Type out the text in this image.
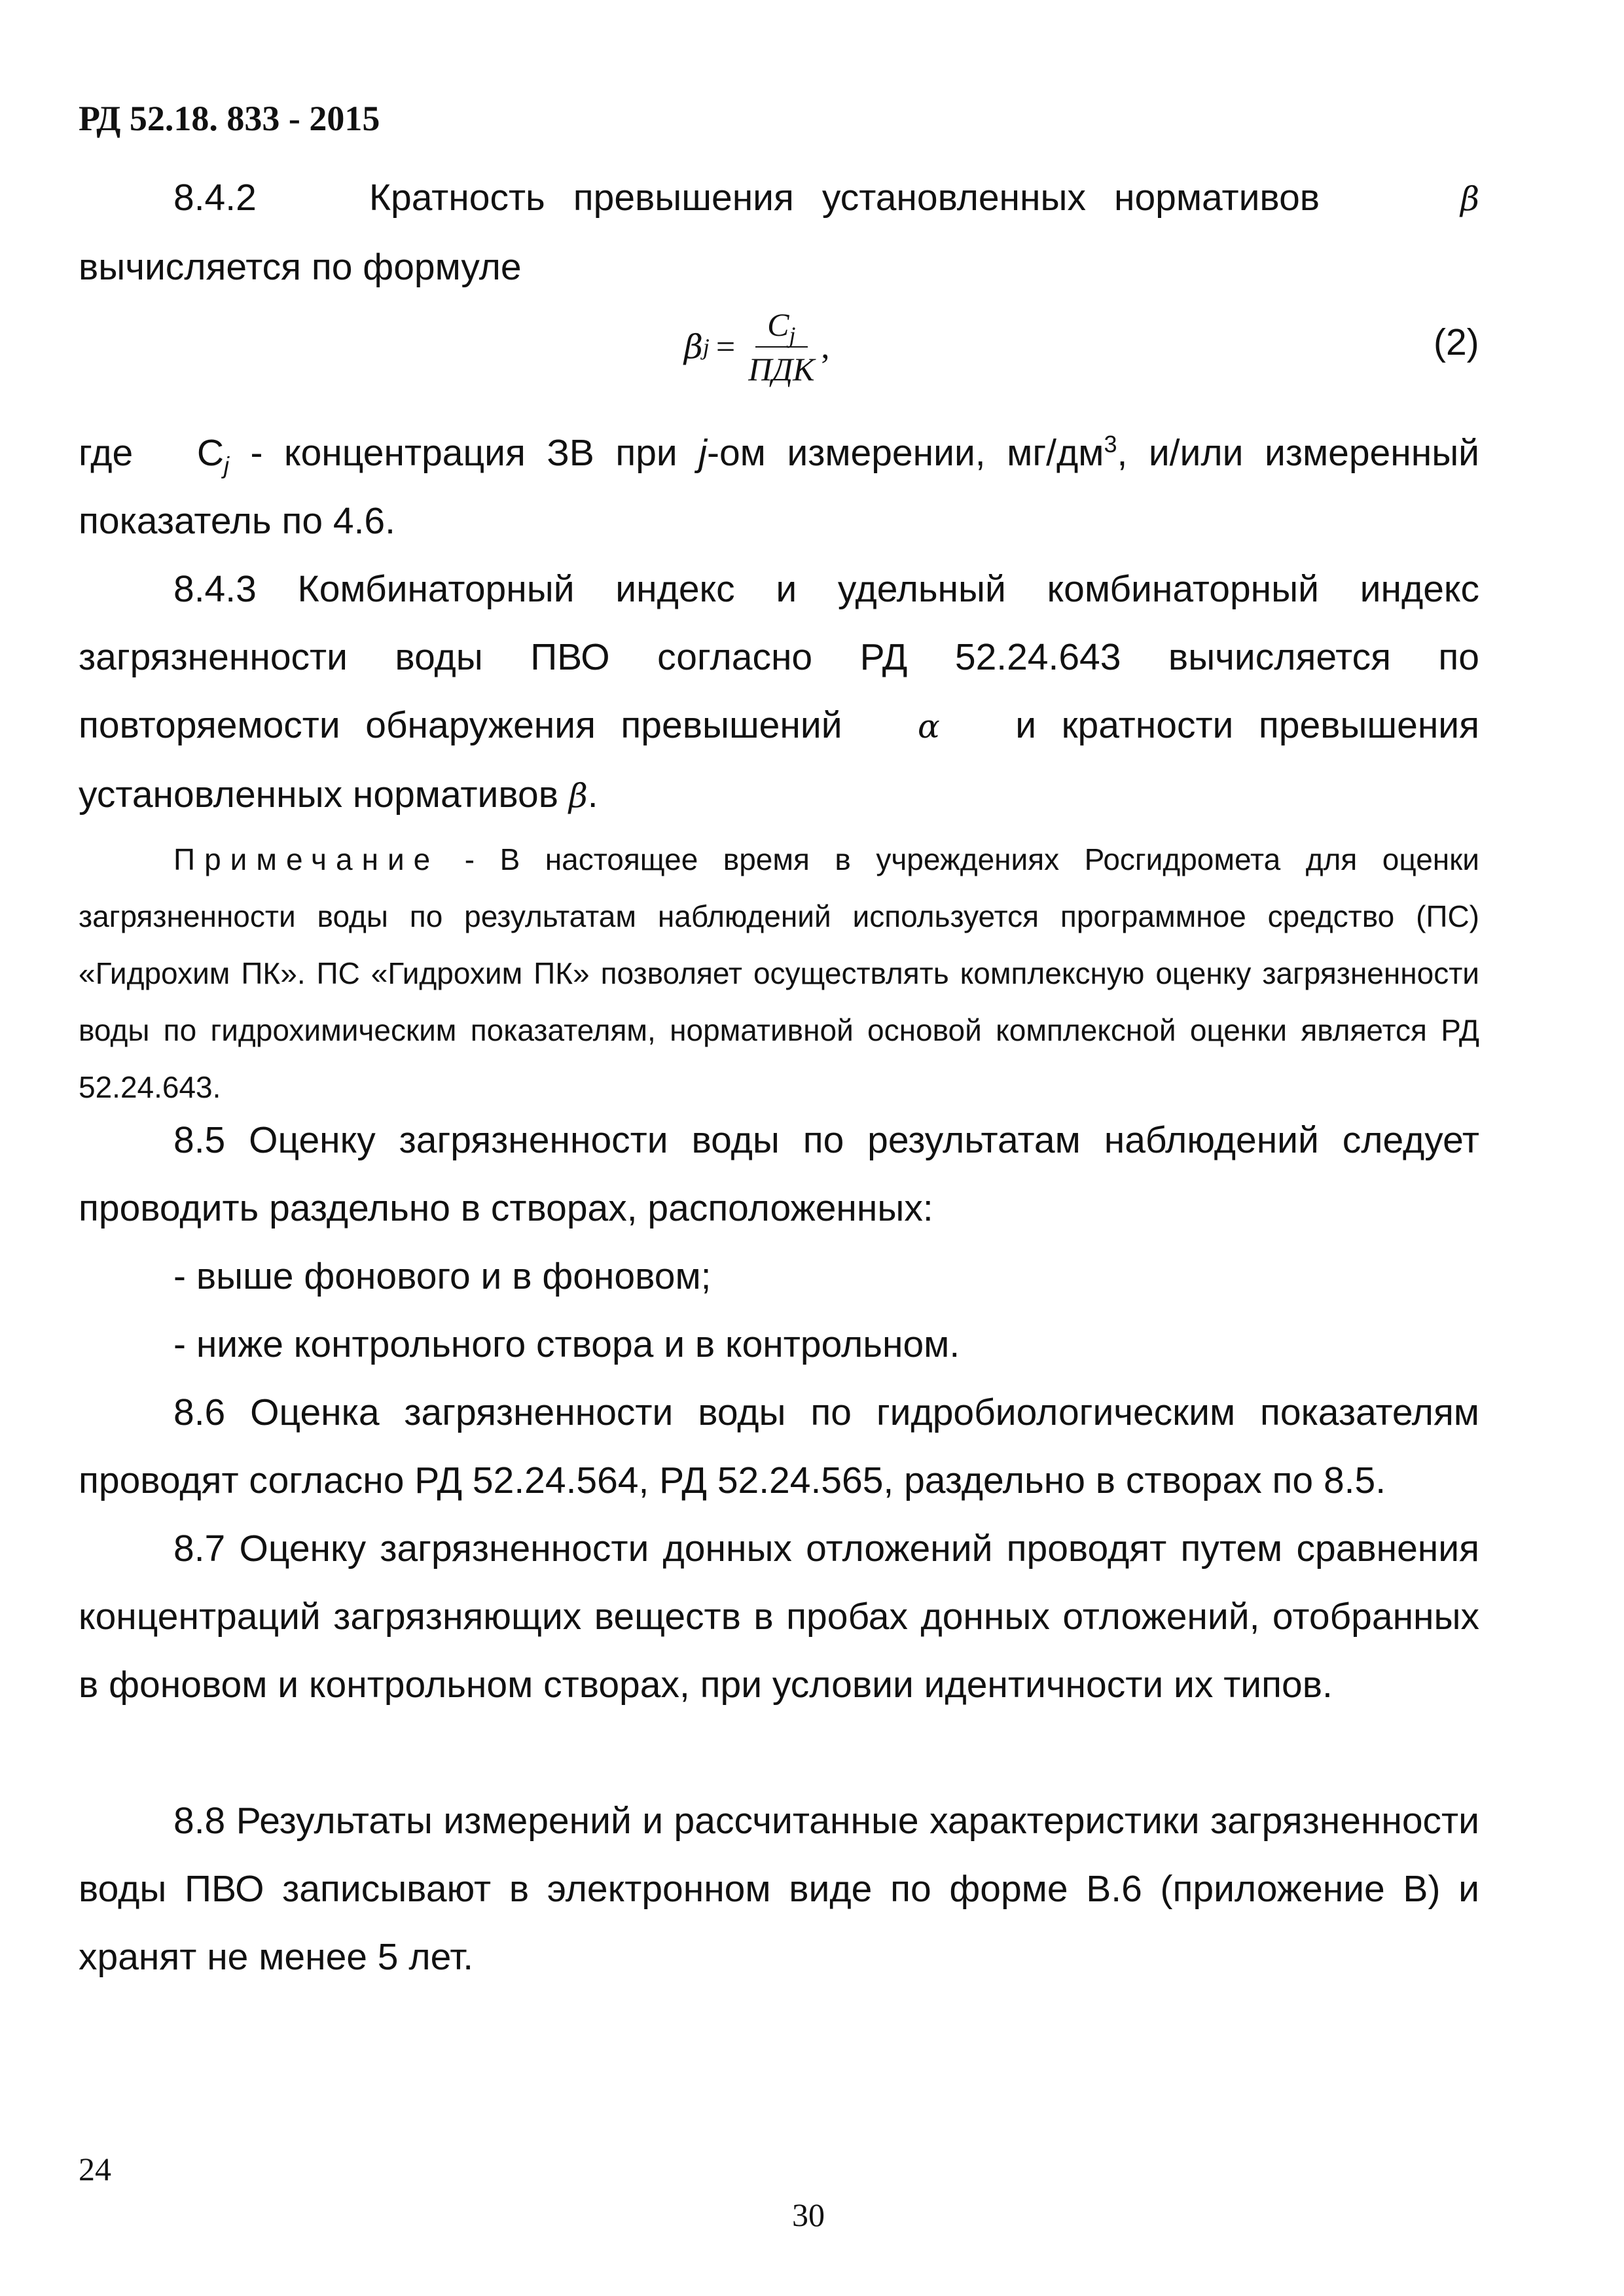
РД 52.18. 833 - 2015
8.4.2	Кратность превышения установленных нормативов	β вычисляется по формуле
β $j = \frac{C_j}{\text{ПДК}}$ ,	(2)
где $C_j$ - концентрация ЗВ при j-ом измерении, $мг/дм^3$, и/или измеренный показатель по 4.6.
8.4.3 Комбинаторный индекс и удельный комбинаторный индекс загрязненности воды ПВО согласно РД 52.24.643 вычисляется по повторяемости обнаружения превышений α и кратности превышения установленных нормативов β.
Примечание - В настоящее время в учреждениях Росгидромета для оценки загрязненности воды по результатам наблюдений используется программное средство (ПС) «Гидрохим ПК». ПС «Гидрохим ПК» позволяет осуществлять комплексную оценку загрязненности воды по гидрохимическим показателям, нормативной основой комплексной оценки является РД 52.24.643.
8.5 Оценку загрязненности воды по результатам наблюдений следует проводить раздельно в створах, расположенных:
- выше фонового и в фоновом;
- ниже контрольного створа и в контрольном.
8.6 Оценка загрязненности воды по гидробиологическим показателям проводят согласно РД 52.24.564, РД 52.24.565, раздельно в створах по 8.5.
8.7 Оценку загрязненности донных отложений проводят путем сравнения концентраций загрязняющих веществ в пробах донных отложений, отобранных в фоновом и контрольном створах, при условии идентичности их типов.
8.8 Результаты измерений и рассчитанные характеристики загрязненности воды ПВО записывают в электронном виде по форме В.6 (приложение В) и хранят не менее 5 лет.
24
30
